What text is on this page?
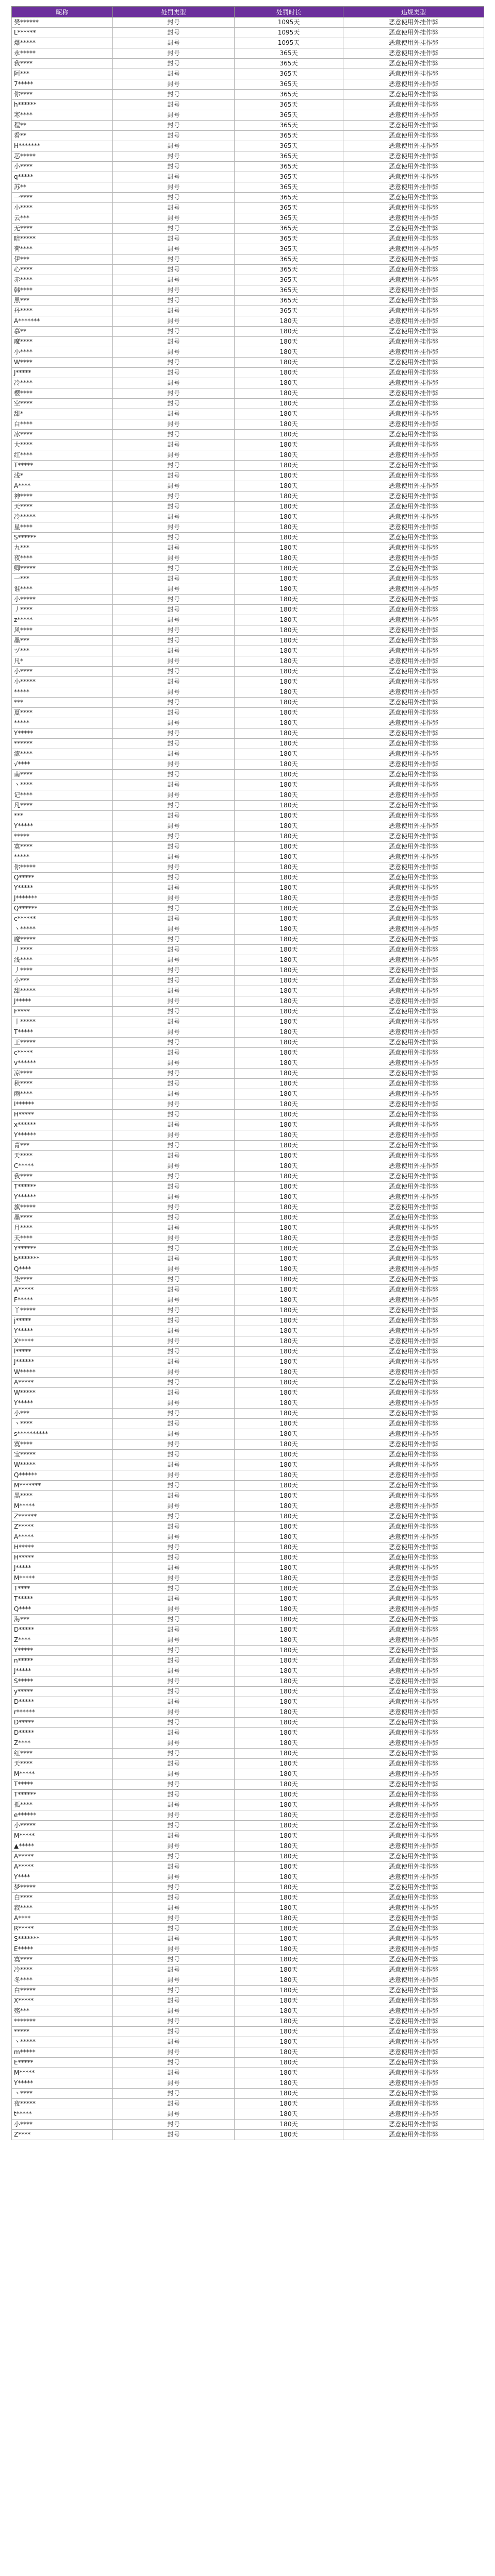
昵称	处罚类型	处罚时长	违规类型
樊******	封号	1095天	恶意使用外挂作弊
L******	封号	1095天	恶意使用外挂作弊
爆*****	封号	1095天	恶意使用外挂作弊
永*****	封号	365天	恶意使用外挂作弊
我****	封号	365天	恶意使用外挂作弊
阿***	封号	365天	恶意使用外挂作弊
7*****	封号	365天	恶意使用外挂作弊
你****	封号	365天	恶意使用外挂作弊
h******	封号	365天	恶意使用外挂作弊
寒****	封号	365天	恶意使用外挂作弊
程**	封号	365天	恶意使用外挂作弊
看**	封号	365天	恶意使用外挂作弊
H*******	封号	365天	恶意使用外挂作弊
芯*****	封号	365天	恶意使用外挂作弊
小****	封号	365天	恶意使用外挂作弊
q*****	封号	365天	恶意使用外挂作弊
苏**	封号	365天	恶意使用外挂作弊
一****	封号	365天	恶意使用外挂作弊
小****	封号	365天	恶意使用外挂作弊
云***	封号	365天	恶意使用外挂作弊
无****	封号	365天	恶意使用外挂作弊
暗*****	封号	365天	恶意使用外挂作弊
荷****	封号	365天	恶意使用外挂作弊
伊***	封号	365天	恶意使用外挂作弊
心****	封号	365天	恶意使用外挂作弊
赤****	封号	365天	恶意使用外挂作弊
韩****	封号	365天	恶意使用外挂作弊
黑***	封号	365天	恶意使用外挂作弊
丹****	封号	365天	恶意使用外挂作弊
A*******	封号	180天	恶意使用外挂作弊
慕**	封号	180天	恶意使用外挂作弊
魔****	封号	180天	恶意使用外挂作弊
小****	封号	180天	恶意使用外挂作弊
W****	封号	180天	恶意使用外挂作弊
J*****	封号	180天	恶意使用外挂作弊
冷****	封号	180天	恶意使用外挂作弊
樱****	封号	180天	恶意使用外挂作弊
空****	封号	180天	恶意使用外挂作弊
甜*	封号	180天	恶意使用外挂作弊
白****	封号	180天	恶意使用外挂作弊
冰****	封号	180天	恶意使用外挂作弊
大****	封号	180天	恶意使用外挂作弊
红****	封号	180天	恶意使用外挂作弊
T*****	封号	180天	恶意使用外挂作弊
浅*	封号	180天	恶意使用外挂作弊
A****	封号	180天	恶意使用外挂作弊
神****	封号	180天	恶意使用外挂作弊
天****	封号	180天	恶意使用外挂作弊
冷*****	封号	180天	恶意使用外挂作弊
星****	封号	180天	恶意使用外挂作弊
S******	封号	180天	恶意使用外挂作弊
九***	封号	180天	恶意使用外挂作弊
夜****	封号	180天	恶意使用外挂作弊
卿*****	封号	180天	恶意使用外挂作弊
一***	封号	180天	恶意使用外挂作弊
谁****	封号	180天	恶意使用外挂作弊
小*****	封号	180天	恶意使用外挂作弊
丿****	封号	180天	恶意使用外挂作弊
z*****	封号	180天	恶意使用外挂作弊
风****	封号	180天	恶意使用外挂作弊
墨***	封号	180天	恶意使用外挂作弊
ヅ***	封号	180天	恶意使用外挂作弊
凡*	封号	180天	恶意使用外挂作弊
小****	封号	180天	恶意使用外挂作弊
小*****	封号	180天	恶意使用外挂作弊
*****	封号	180天	恶意使用外挂作弊
***	封号	180天	恶意使用外挂作弊
夏****	封号	180天	恶意使用外挂作弊
*****	封号	180天	恶意使用外挂作弊
Y*****	封号	180天	恶意使用外挂作弊
******	封号	180天	恶意使用外挂作弊
漆****	封号	180天	恶意使用外挂作弊
√****	封号	180天	恶意使用外挂作弊
南****	封号	180天	恶意使用外挂作弊
丶****	封号	180天	恶意使用外挂作弊
记****	封号	180天	恶意使用外挂作弊
凡****	封号	180天	恶意使用外挂作弊
***	封号	180天	恶意使用外挂作弊
Y*****	封号	180天	恶意使用外挂作弊
*****	封号	180天	恶意使用外挂作弊
寞****	封号	180天	恶意使用外挂作弊
*****	封号	180天	恶意使用外挂作弊
你*****	封号	180天	恶意使用外挂作弊
Q*****	封号	180天	恶意使用外挂作弊
Y*****	封号	180天	恶意使用外挂作弊
J*******	封号	180天	恶意使用外挂作弊
Q******	封号	180天	恶意使用外挂作弊
c******	封号	180天	恶意使用外挂作弊
丶*****	封号	180天	恶意使用外挂作弊
魔*****	封号	180天	恶意使用外挂作弊
丿****	封号	180天	恶意使用外挂作弊
浅****	封号	180天	恶意使用外挂作弊
丿****	封号	180天	恶意使用外挂作弊
小***	封号	180天	恶意使用外挂作弊
甜*****	封号	180天	恶意使用外挂作弊
J*****	封号	180天	恶意使用外挂作弊
F****	封号	180天	恶意使用外挂作弊
丨*****	封号	180天	恶意使用外挂作弊
T*****	封号	180天	恶意使用外挂作弊
王*****	封号	180天	恶意使用外挂作弊
c*****	封号	180天	恶意使用外挂作弊
v******	封号	180天	恶意使用外挂作弊
凉****	封号	180天	恶意使用外挂作弊
秋****	封号	180天	恶意使用外挂作弊
雨****	封号	180天	恶意使用外挂作弊
I******	封号	180天	恶意使用外挂作弊
H*****	封号	180天	恶意使用外挂作弊
x******	封号	180天	恶意使用外挂作弊
Y******	封号	180天	恶意使用外挂作弊
青***	封号	180天	恶意使用外挂作弊
天****	封号	180天	恶意使用外挂作弊
C*****	封号	180天	恶意使用外挂作弊
我****	封号	180天	恶意使用外挂作弊
T******	封号	180天	恶意使用外挂作弊
Y******	封号	180天	恶意使用外挂作弊
旗*****	封号	180天	恶意使用外挂作弊
墨****	封号	180天	恶意使用外挂作弊
月****	封号	180天	恶意使用外挂作弊
天****	封号	180天	恶意使用外挂作弊
Y******	封号	180天	恶意使用外挂作弊
b*******	封号	180天	恶意使用外挂作弊
Q****	封号	180天	恶意使用外挂作弊
柒****	封号	180天	恶意使用外挂作弊
A*****	封号	180天	恶意使用外挂作弊
F*****	封号	180天	恶意使用外挂作弊
丫*****	封号	180天	恶意使用外挂作弊
j*****	封号	180天	恶意使用外挂作弊
Y*****	封号	180天	恶意使用外挂作弊
X*****	封号	180天	恶意使用外挂作弊
l*****	封号	180天	恶意使用外挂作弊
J******	封号	180天	恶意使用外挂作弊
W*****	封号	180天	恶意使用外挂作弊
A*****	封号	180天	恶意使用外挂作弊
W*****	封号	180天	恶意使用外挂作弊
Y*****	封号	180天	恶意使用外挂作弊
小***	封号	180天	恶意使用外挂作弊
丶****	封号	180天	恶意使用外挂作弊
s**********	封号	180天	恶意使用外挂作弊
寞****	封号	180天	恶意使用外挂作弊
宝*****	封号	180天	恶意使用外挂作弊
W*****	封号	180天	恶意使用外挂作弊
Q******	封号	180天	恶意使用外挂作弊
M*******	封号	180天	恶意使用外挂作弊
黑****	封号	180天	恶意使用外挂作弊
M*****	封号	180天	恶意使用外挂作弊
Z******	封号	180天	恶意使用外挂作弊
Z*****	封号	180天	恶意使用外挂作弊
A*****	封号	180天	恶意使用外挂作弊
H*****	封号	180天	恶意使用外挂作弊
H*****	封号	180天	恶意使用外挂作弊
J*****	封号	180天	恶意使用外挂作弊
M*****	封号	180天	恶意使用外挂作弊
T****	封号	180天	恶意使用外挂作弊
T*****	封号	180天	恶意使用外挂作弊
Q****	封号	180天	恶意使用外挂作弊
海***	封号	180天	恶意使用外挂作弊
D*****	封号	180天	恶意使用外挂作弊
Z****	封号	180天	恶意使用外挂作弊
Y*****	封号	180天	恶意使用外挂作弊
n*****	封号	180天	恶意使用外挂作弊
J*****	封号	180天	恶意使用外挂作弊
S*****	封号	180天	恶意使用外挂作弊
y*****	封号	180天	恶意使用外挂作弊
D*****	封号	180天	恶意使用外挂作弊
r******	封号	180天	恶意使用外挂作弊
D*****	封号	180天	恶意使用外挂作弊
D*****	封号	180天	恶意使用外挂作弊
Z****	封号	180天	恶意使用外挂作弊
红****	封号	180天	恶意使用外挂作弊
天****	封号	180天	恶意使用外挂作弊
M*****	封号	180天	恶意使用外挂作弊
T*****	封号	180天	恶意使用外挂作弊
T******	封号	180天	恶意使用外挂作弊
孤****	封号	180天	恶意使用外挂作弊
e******	封号	180天	恶意使用外挂作弊
小*****	封号	180天	恶意使用外挂作弊
M*****	封号	180天	恶意使用外挂作弊
▲*****	封号	180天	恶意使用外挂作弊
A*****	封号	180天	恶意使用外挂作弊
A*****	封号	180天	恶意使用外挂作弊
Y****	封号	180天	恶意使用外挂作弊
梦*****	封号	180天	恶意使用外挂作弊
白****	封号	180天	恶意使用外挂作弊
寂****	封号	180天	恶意使用外挂作弊
A****	封号	180天	恶意使用外挂作弊
R*****	封号	180天	恶意使用外挂作弊
S*******	封号	180天	恶意使用外挂作弊
E*****	封号	180天	恶意使用外挂作弊
寞****	封号	180天	恶意使用外挂作弊
冷****	封号	180天	恶意使用外挂作弊
冬****	封号	180天	恶意使用外挂作弊
白*****	封号	180天	恶意使用外挂作弊
X*****	封号	180天	恶意使用外挂作弊
殇***	封号	180天	恶意使用外挂作弊
*******	封号	180天	恶意使用外挂作弊
*****	封号	180天	恶意使用外挂作弊
丶*****	封号	180天	恶意使用外挂作弊
m*****	封号	180天	恶意使用外挂作弊
E*****	封号	180天	恶意使用外挂作弊
M*****	封号	180天	恶意使用外挂作弊
Y*****	封号	180天	恶意使用外挂作弊
丶****	封号	180天	恶意使用外挂作弊
夜*****	封号	180天	恶意使用外挂作弊
t*****	封号	180天	恶意使用外挂作弊
小****	封号	180天	恶意使用外挂作弊
Z****	封号	180天	恶意使用外挂作弊
